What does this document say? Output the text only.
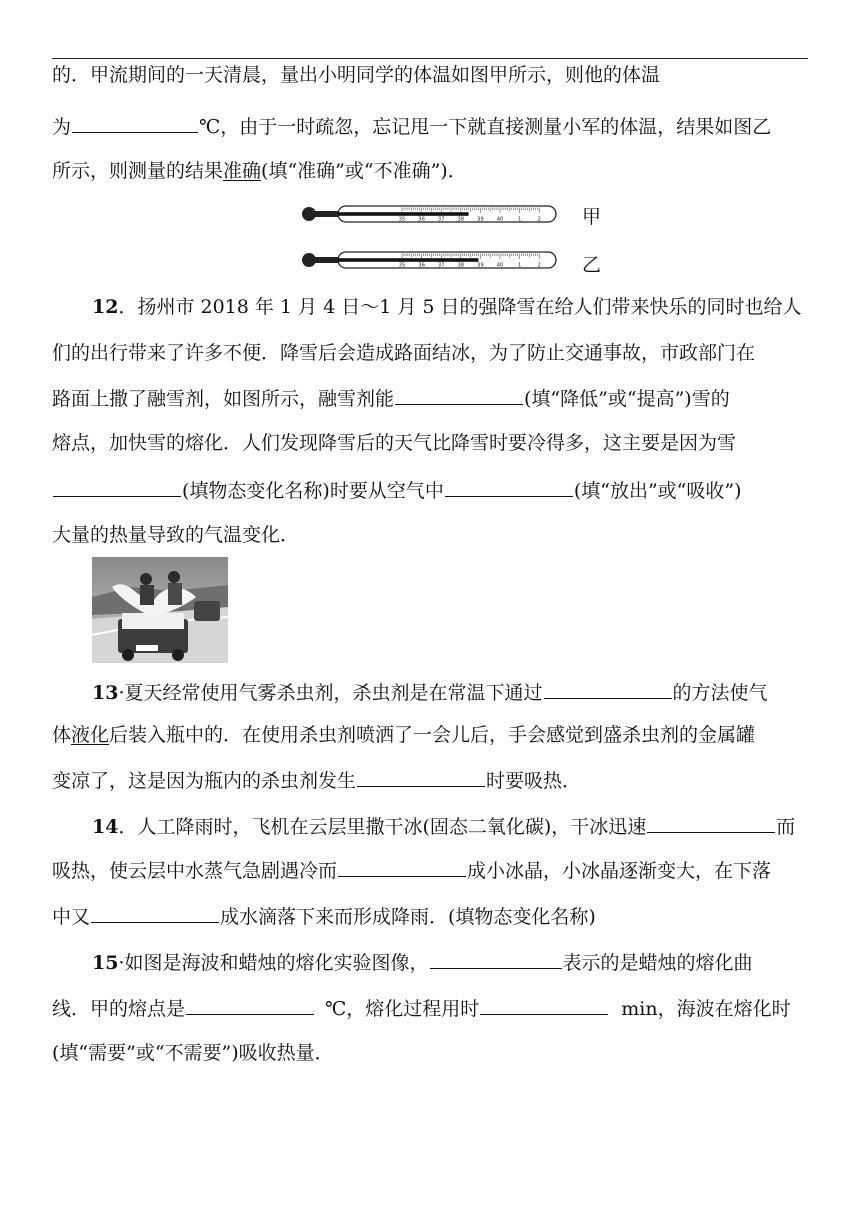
的．甲流期间的一天清晨，量出小明同学的体温如图甲所示，则他的体温
为	℃，由于一时疏忽，忘记甩一下就直接测量小军的体温，结果如图乙
所示，则测量的结果准确(填“准确”或“不准确”)．
35 36 37 38 39 40	1	2 甲
35 36 37 38 39 40	1	2 乙
12．扬州市 2018 年 1 月 4 日～1 月 5 日的强降雪在给人们带来快乐的同时也给人
们的出行带来了许多不便．降雪后会造成路面结冰，为了防止交通事故，市政部门在
路面上撒了融雪剂，如图所示，融雪剂能	(填“降低”或“提高”)雪的
熔点，加快雪的熔化．人们发现降雪后的天气比降雪时要冷得多，这主要是因为雪
(填物态变化名称)时要从空气中	(填“放出”或“吸收”)
大量的热量导致的气温变化．
13·夏天经常使用气雾杀虫剂，杀虫剂是在常温下通过	的方法使气
体液化后装入瓶中的．在使用杀虫剂喷洒了一会儿后，手会感觉到盛杀虫剂的金属罐
变凉了，这是因为瓶内的杀虫剂发生	时要吸热．
14．人工降雨时，飞机在云层里撒干冰(固态二氧化碳)，干冰迅速	而
吸热，使云层中水蒸气急剧遇冷而	成小冰晶，小冰晶逐渐变大，在下落
中又	成水滴落下来而形成降雨．(填物态变化名称)
15·如图是海波和蜡烛的熔化实验图像，	表示的是蜡烛的熔化曲
线．甲的熔点是	℃，熔化过程用时	min，海波在熔化时
(填“需要”或“不需要”)吸收热量．
